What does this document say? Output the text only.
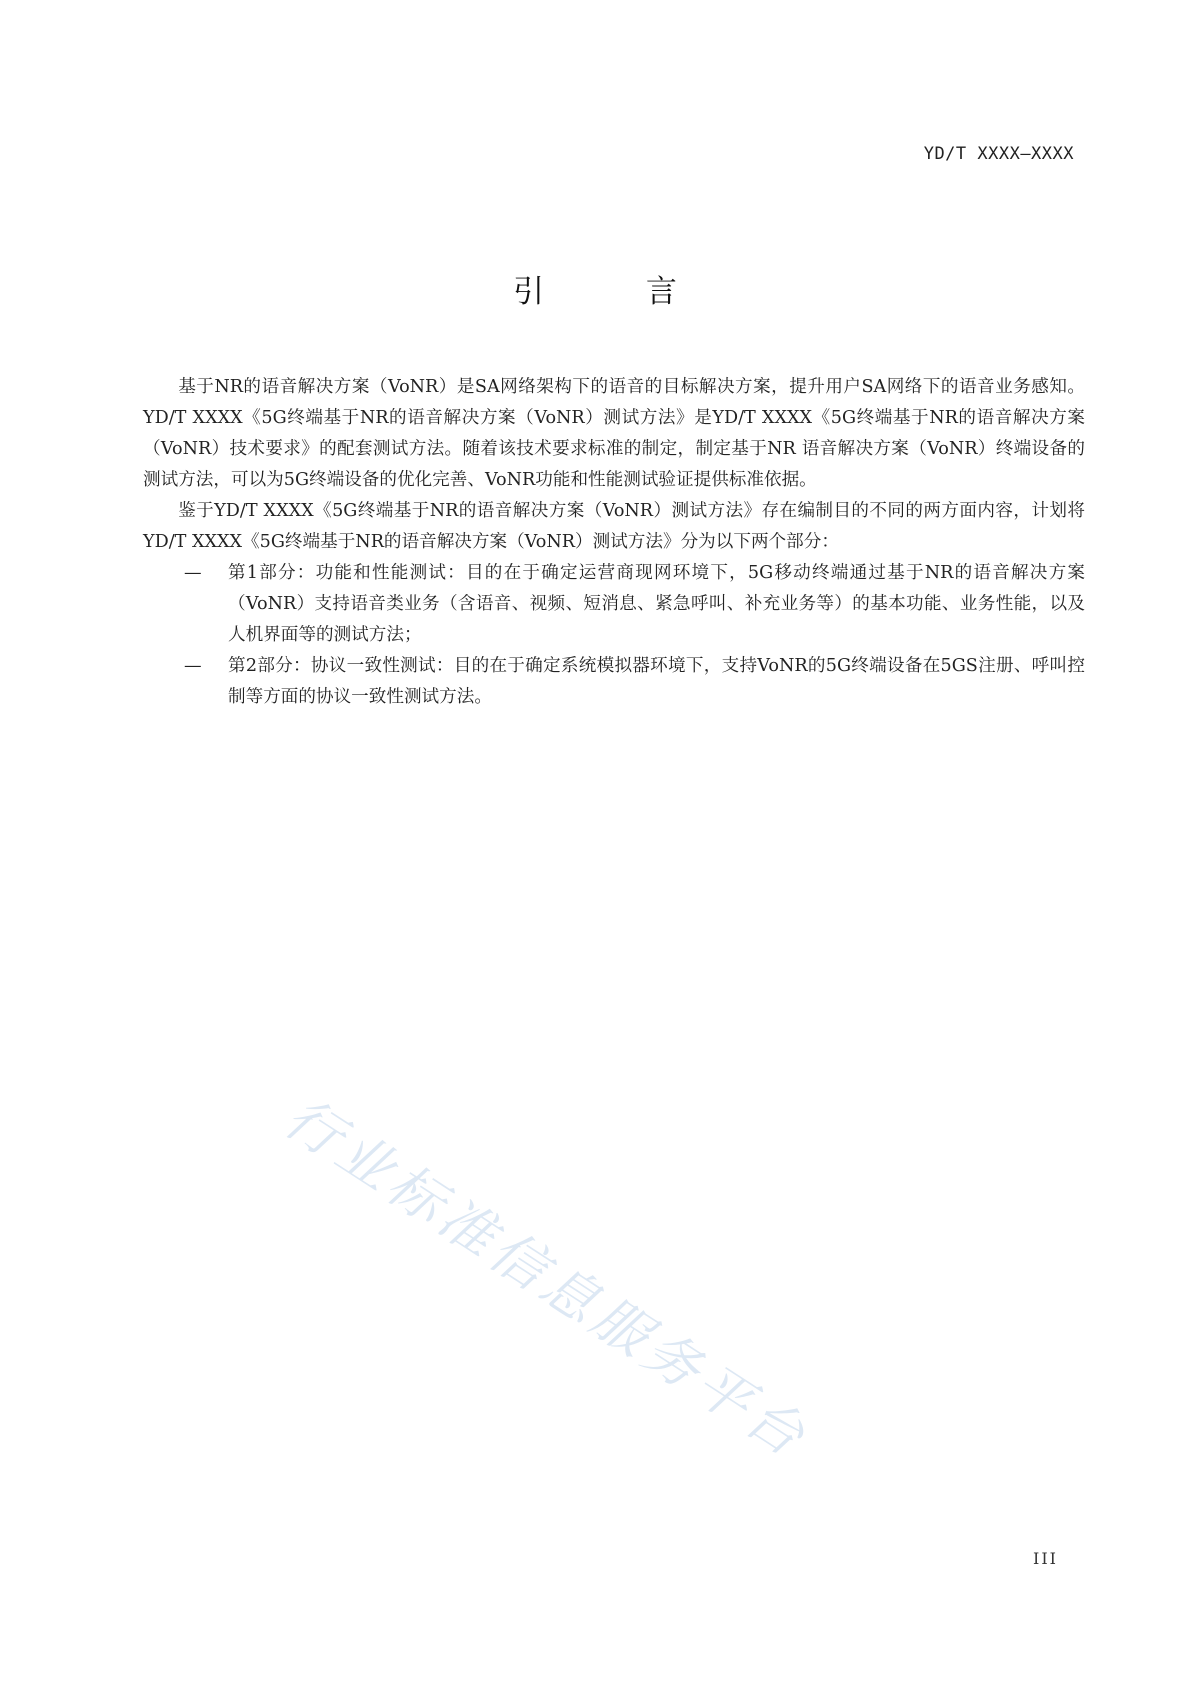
YD/T XXXX—XXXX
引 言

基于NR的语音解决方案（VoNR）是SA网络架构下的语音的目标解决方案，提升用户SA网络下的语音业务感知。YD/T XXXX《5G终端基于NR的语音解决方案（VoNR）测试方法》是YD/T XXXX《5G终端基于NR的语音解决方案（VoNR）技术要求》的配套测试方法。随着该技术要求标准的制定，制定基于NR 语音解决方案（VoNR）终端设备的测试方法，可以为5G终端设备的优化完善、VoNR功能和性能测试验证提供标准依据。

鉴于YD/T XXXX《5G终端基于NR的语音解决方案（VoNR）测试方法》存在编制目的不同的两方面内容，计划将YD/T XXXX《5G终端基于NR的语音解决方案（VoNR）测试方法》分为以下两个部分：

— 第1部分：功能和性能测试：目的在于确定运营商现网环境下，5G移动终端通过基于NR的语音解决方案（VoNR）支持语音类业务（含语音、视频、短消息、紧急呼叫、补充业务等）的基本功能、业务性能，以及人机界面等的测试方法；
— 第2部分：协议一致性测试：目的在于确定系统模拟器环境下，支持VoNR的5G终端设备在5GS注册、呼叫控制等方面的协议一致性测试方法。
行业标准信息服务平台
III
